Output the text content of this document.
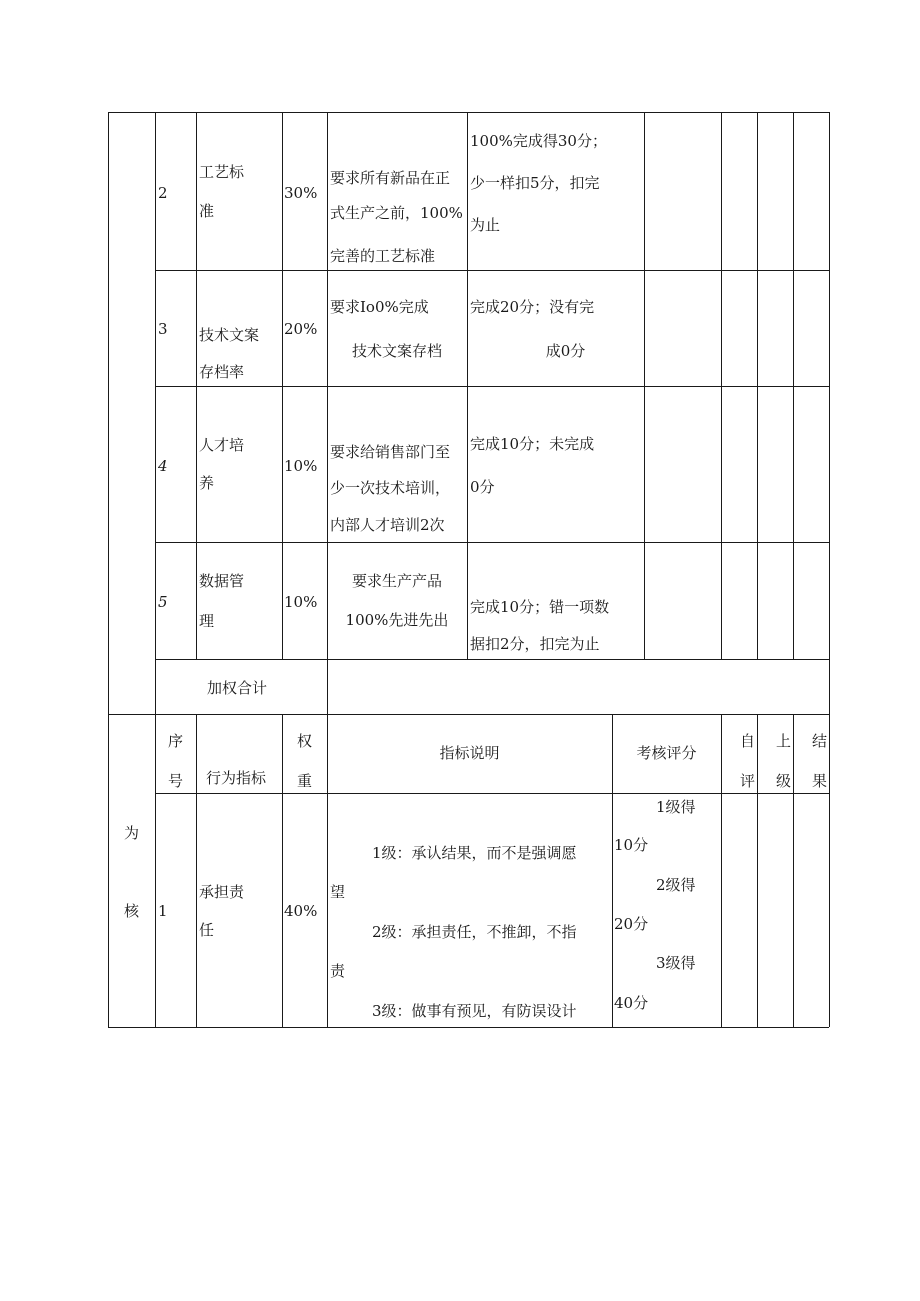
2
工艺标
准
30%
要求所有新品在正
式生产之前，100%
完善的工艺标准
100%完成得30分；
少一样扣5分，扣完
为止
3 技术文案
存档率
20%
要求Io0%完成
技术文案存档
完成20分；没有完
成0分
4
人才培
养
10%
要求给销售部门至
少一次技术培训，
内部人才培训2次
完成10分；未完成
0分
5
数据管
理
10%
要求生产产品
100%先进先出
完成10分；错一项数
据扣2分，扣完为止
加权合计
为
核
序
号 行为指标
权
重
指标说明	考核评分
自
评
上
级
结
果
1
承担责
任
40%
1级：承认结果，而不是强调愿
望
2级：承担责任，不推卸，不指
责
3级：做事有预见，有防误设计
1级得
10分
2级得
20分
3级得
40分
